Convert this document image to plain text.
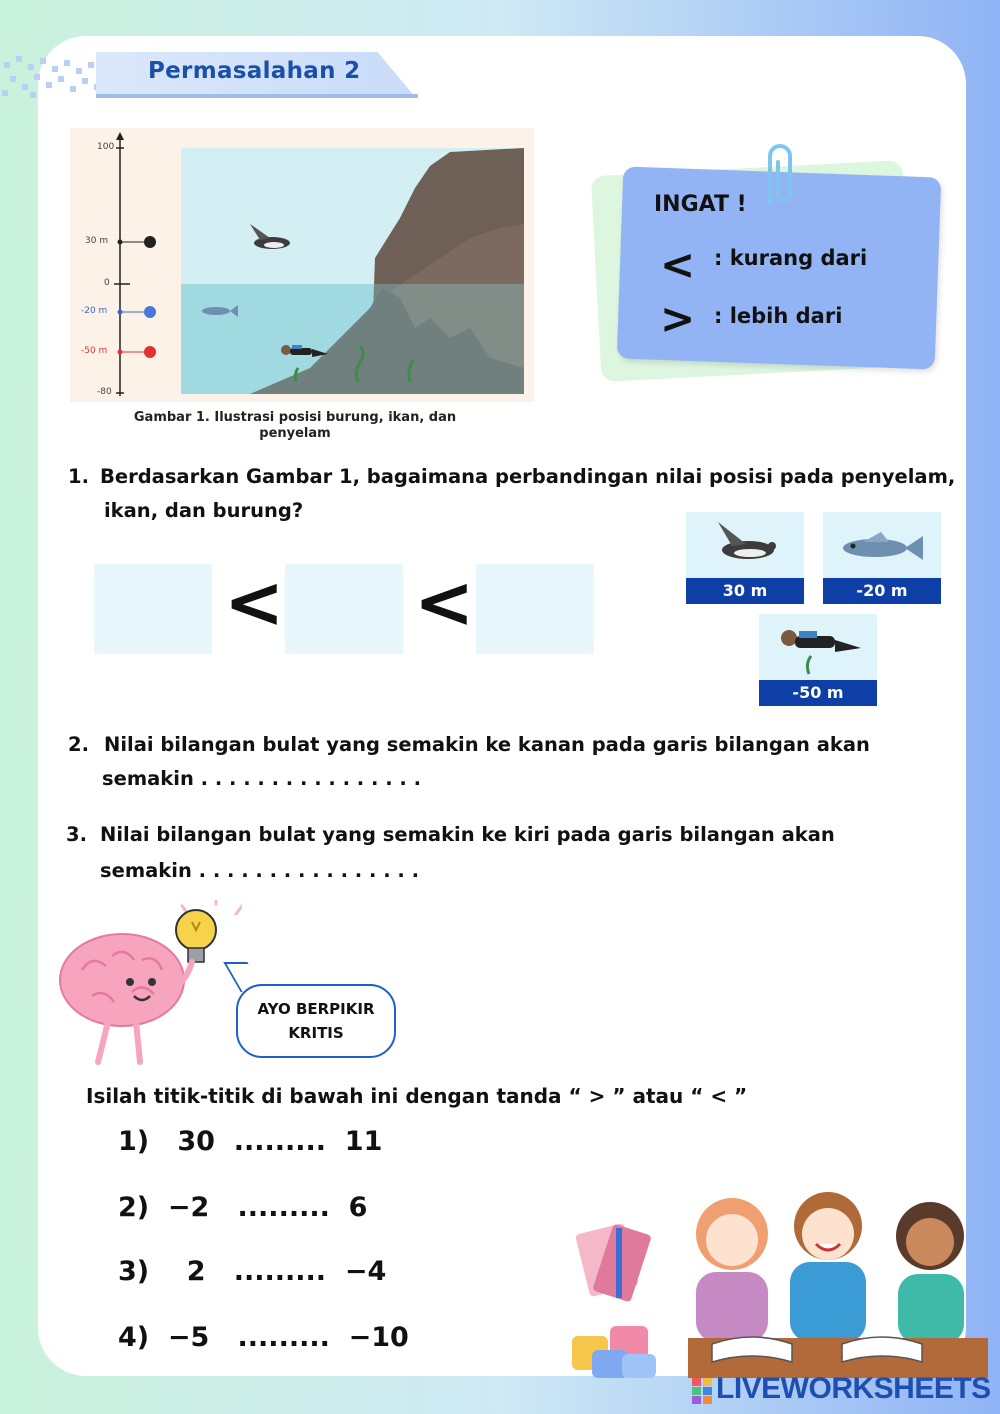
Permasalahan 2
100
30 m
0
-20 m
-50 m
-80
Gambar 1. Ilustrasi posisi burung, ikan, dan penyelam
INGAT !
< : kurang dari
> : lebih dari
1. Berdasarkan Gambar 1, bagaimana perbandingan nilai posisi pada penyelam,
ikan, dan burung?
< <	30 m	-20 m
-50 m
2. Nilai bilangan bulat yang semakin ke kanan pada garis bilangan akan
semakin . . . . . . . . . . . . . . . .
3. Nilai bilangan bulat yang semakin ke kiri pada garis bilangan akan
semakin . . . . . . . . . . . . . . . .
AYO BERPIKIR KRITIS
Isilah titik-titik di bawah ini dengan tanda “ > ” atau “ < ”
1)   30  .........  11
2)  −2   .........  6
3)    2   .........  −4
4)  −5   .........  −10
LIVEWORKSHEETS
